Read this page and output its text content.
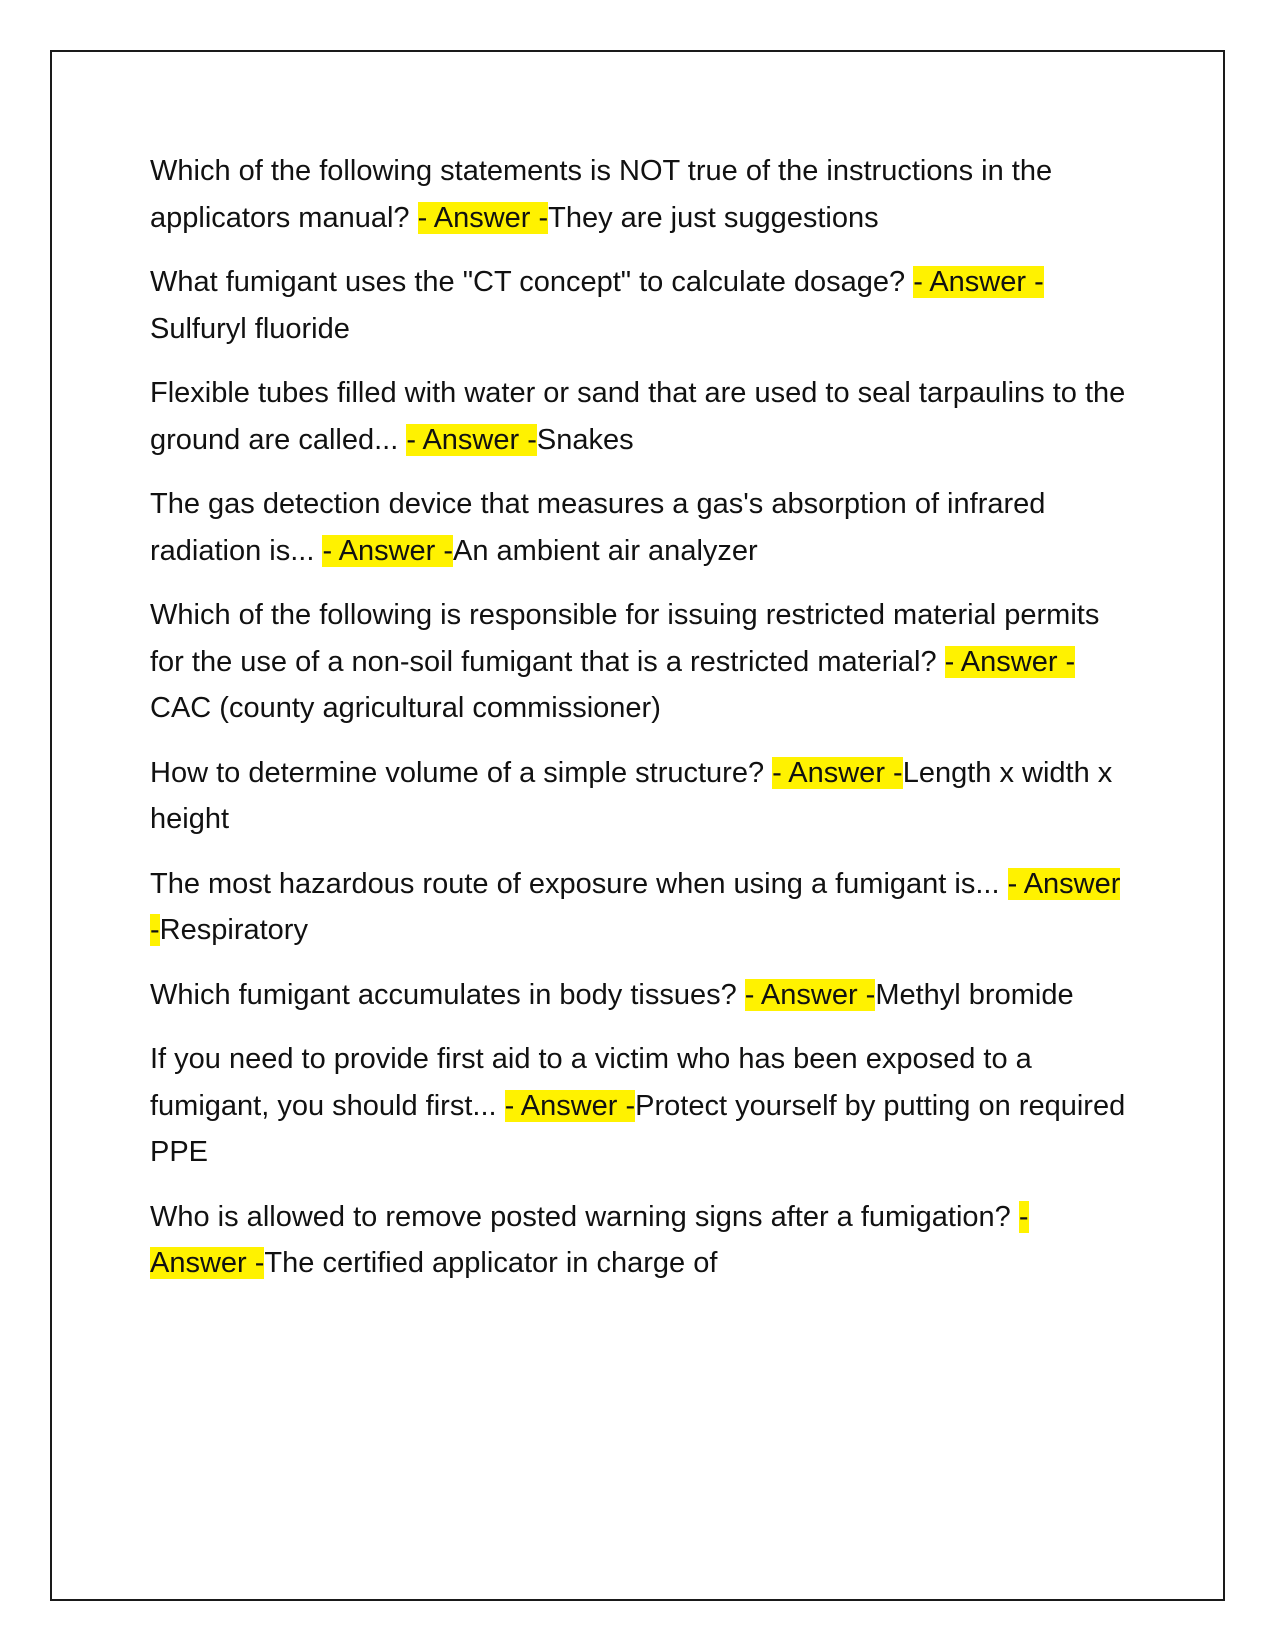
Which of the following statements is NOT true of the instructions in the applicators manual? - Answer -They are just suggestions

What fumigant uses the "CT concept" to calculate dosage? - Answer -Sulfuryl fluoride

Flexible tubes filled with water or sand that are used to seal tarpaulins to the ground are called... - Answer -Snakes

The gas detection device that measures a gas's absorption of infrared radiation is... - Answer -An ambient air analyzer

Which of the following is responsible for issuing restricted material permits for the use of a non-soil fumigant that is a restricted material? - Answer -CAC (county agricultural commissioner)

How to determine volume of a simple structure? - Answer -Length x width x height

The most hazardous route of exposure when using a fumigant is... - Answer -Respiratory

Which fumigant accumulates in body tissues? - Answer -Methyl bromide

If you need to provide first aid to a victim who has been exposed to a fumigant, you should first... - Answer -Protect yourself by putting on required PPE

Who is allowed to remove posted warning signs after a fumigation? - Answer -The certified applicator in charge of
